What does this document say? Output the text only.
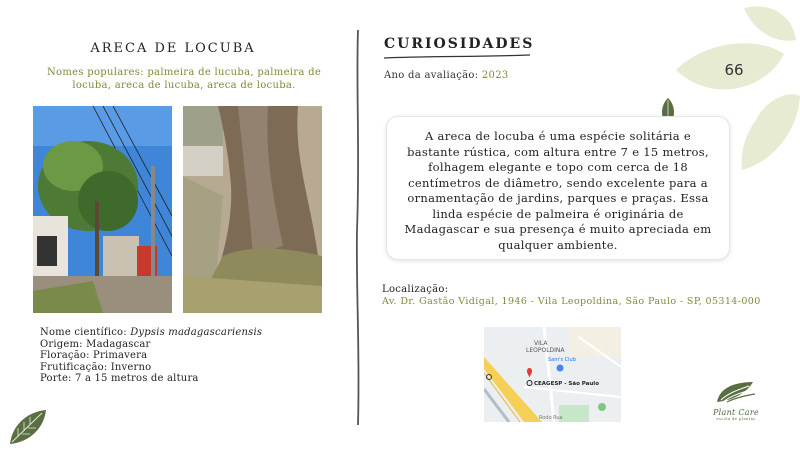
66
ARECA DE LOCUBA
Nomes populares: palmeira de lucuba, palmeira de locuba, areca de lucuba, areca de locuba.
Nome científico: Dypsis madagascariensis
Origem: Madagascar
Floração: Primavera
Frutificação: Inverno
Porte: 7 a 15 metros de altura
CURIOSIDADES
Ano da avaliação: 2023

A areca de locuba é uma espécie solitária e bastante rústica, com altura entre 7 e 15 metros, folhagem elegante e topo com cerca de 18 centímetros de diâmetro, sendo excelente para a ornamentação de jardins, parques e praças. Essa linda espécie de palmeira é originária de Madagascar e sua presença é muito apreciada em qualquer ambiente.

Localização:
Av. Dr. Gastão Vidigal, 1946 - Vila Leopoldina, São Paulo - SP, 05314-000
VILA LEOPOLDINA
Sam's Club
CEAGESP - São Paulo
Rodo Rua
Plant Care
escola de plantas
